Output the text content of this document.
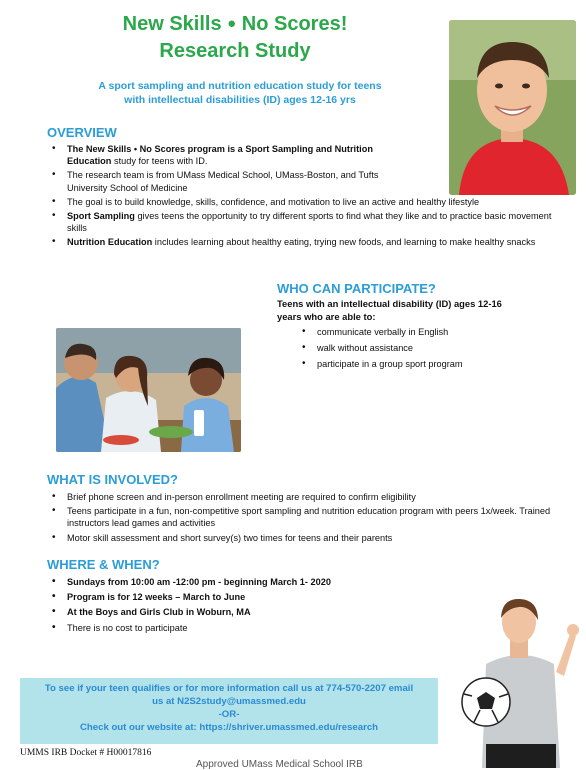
New Skills ● No Scores!
Research Study
A sport sampling and nutrition education study for teens with intellectual disabilities (ID) ages 12-16 yrs
OVERVIEW
• The New Skills • No Scores program is a Sport Sampling and Nutrition Education study for teens with ID.
• The research team is from UMass Medical School, UMass-Boston, and Tufts University School of Medicine
• The goal is to build knowledge, skills, confidence, and motivation to live an active and healthy lifestyle
• Sport Sampling gives teens the opportunity to try different sports to find what they like and to practice basic movement skills
• Nutrition Education includes learning about healthy eating, trying new foods, and learning to make healthy snacks
WHO CAN PARTICIPATE?
Teens with an intellectual disability (ID) ages 12-16 years who are able to:
• communicate verbally in English
• walk without assistance
• participate in a group sport program
WHAT IS INVOLVED?
• Brief phone screen and in-person enrollment meeting are required to confirm eligibility
• Teens participate in a fun, non-competitive sport sampling and nutrition education program with peers 1x/week. Trained instructors lead games and activities
• Motor skill assessment and short survey(s) two times for teens and their parents
WHERE & WHEN?
• Sundays from 10:00 am -12:00 pm - beginning March 1- 2020
• Program is for 12 weeks – March to June
• At the Boys and Girls Club in Woburn, MA
• There is no cost to participate
To see if your teen qualifies or for more information call us at 774-570-2207 email
us at N2S2study@umassmed.edu
-OR-
Check out our website at: https://shriver.umassmed.edu/research
UMMS IRB Docket # H00017816
Approved UMass Medical School IRB
